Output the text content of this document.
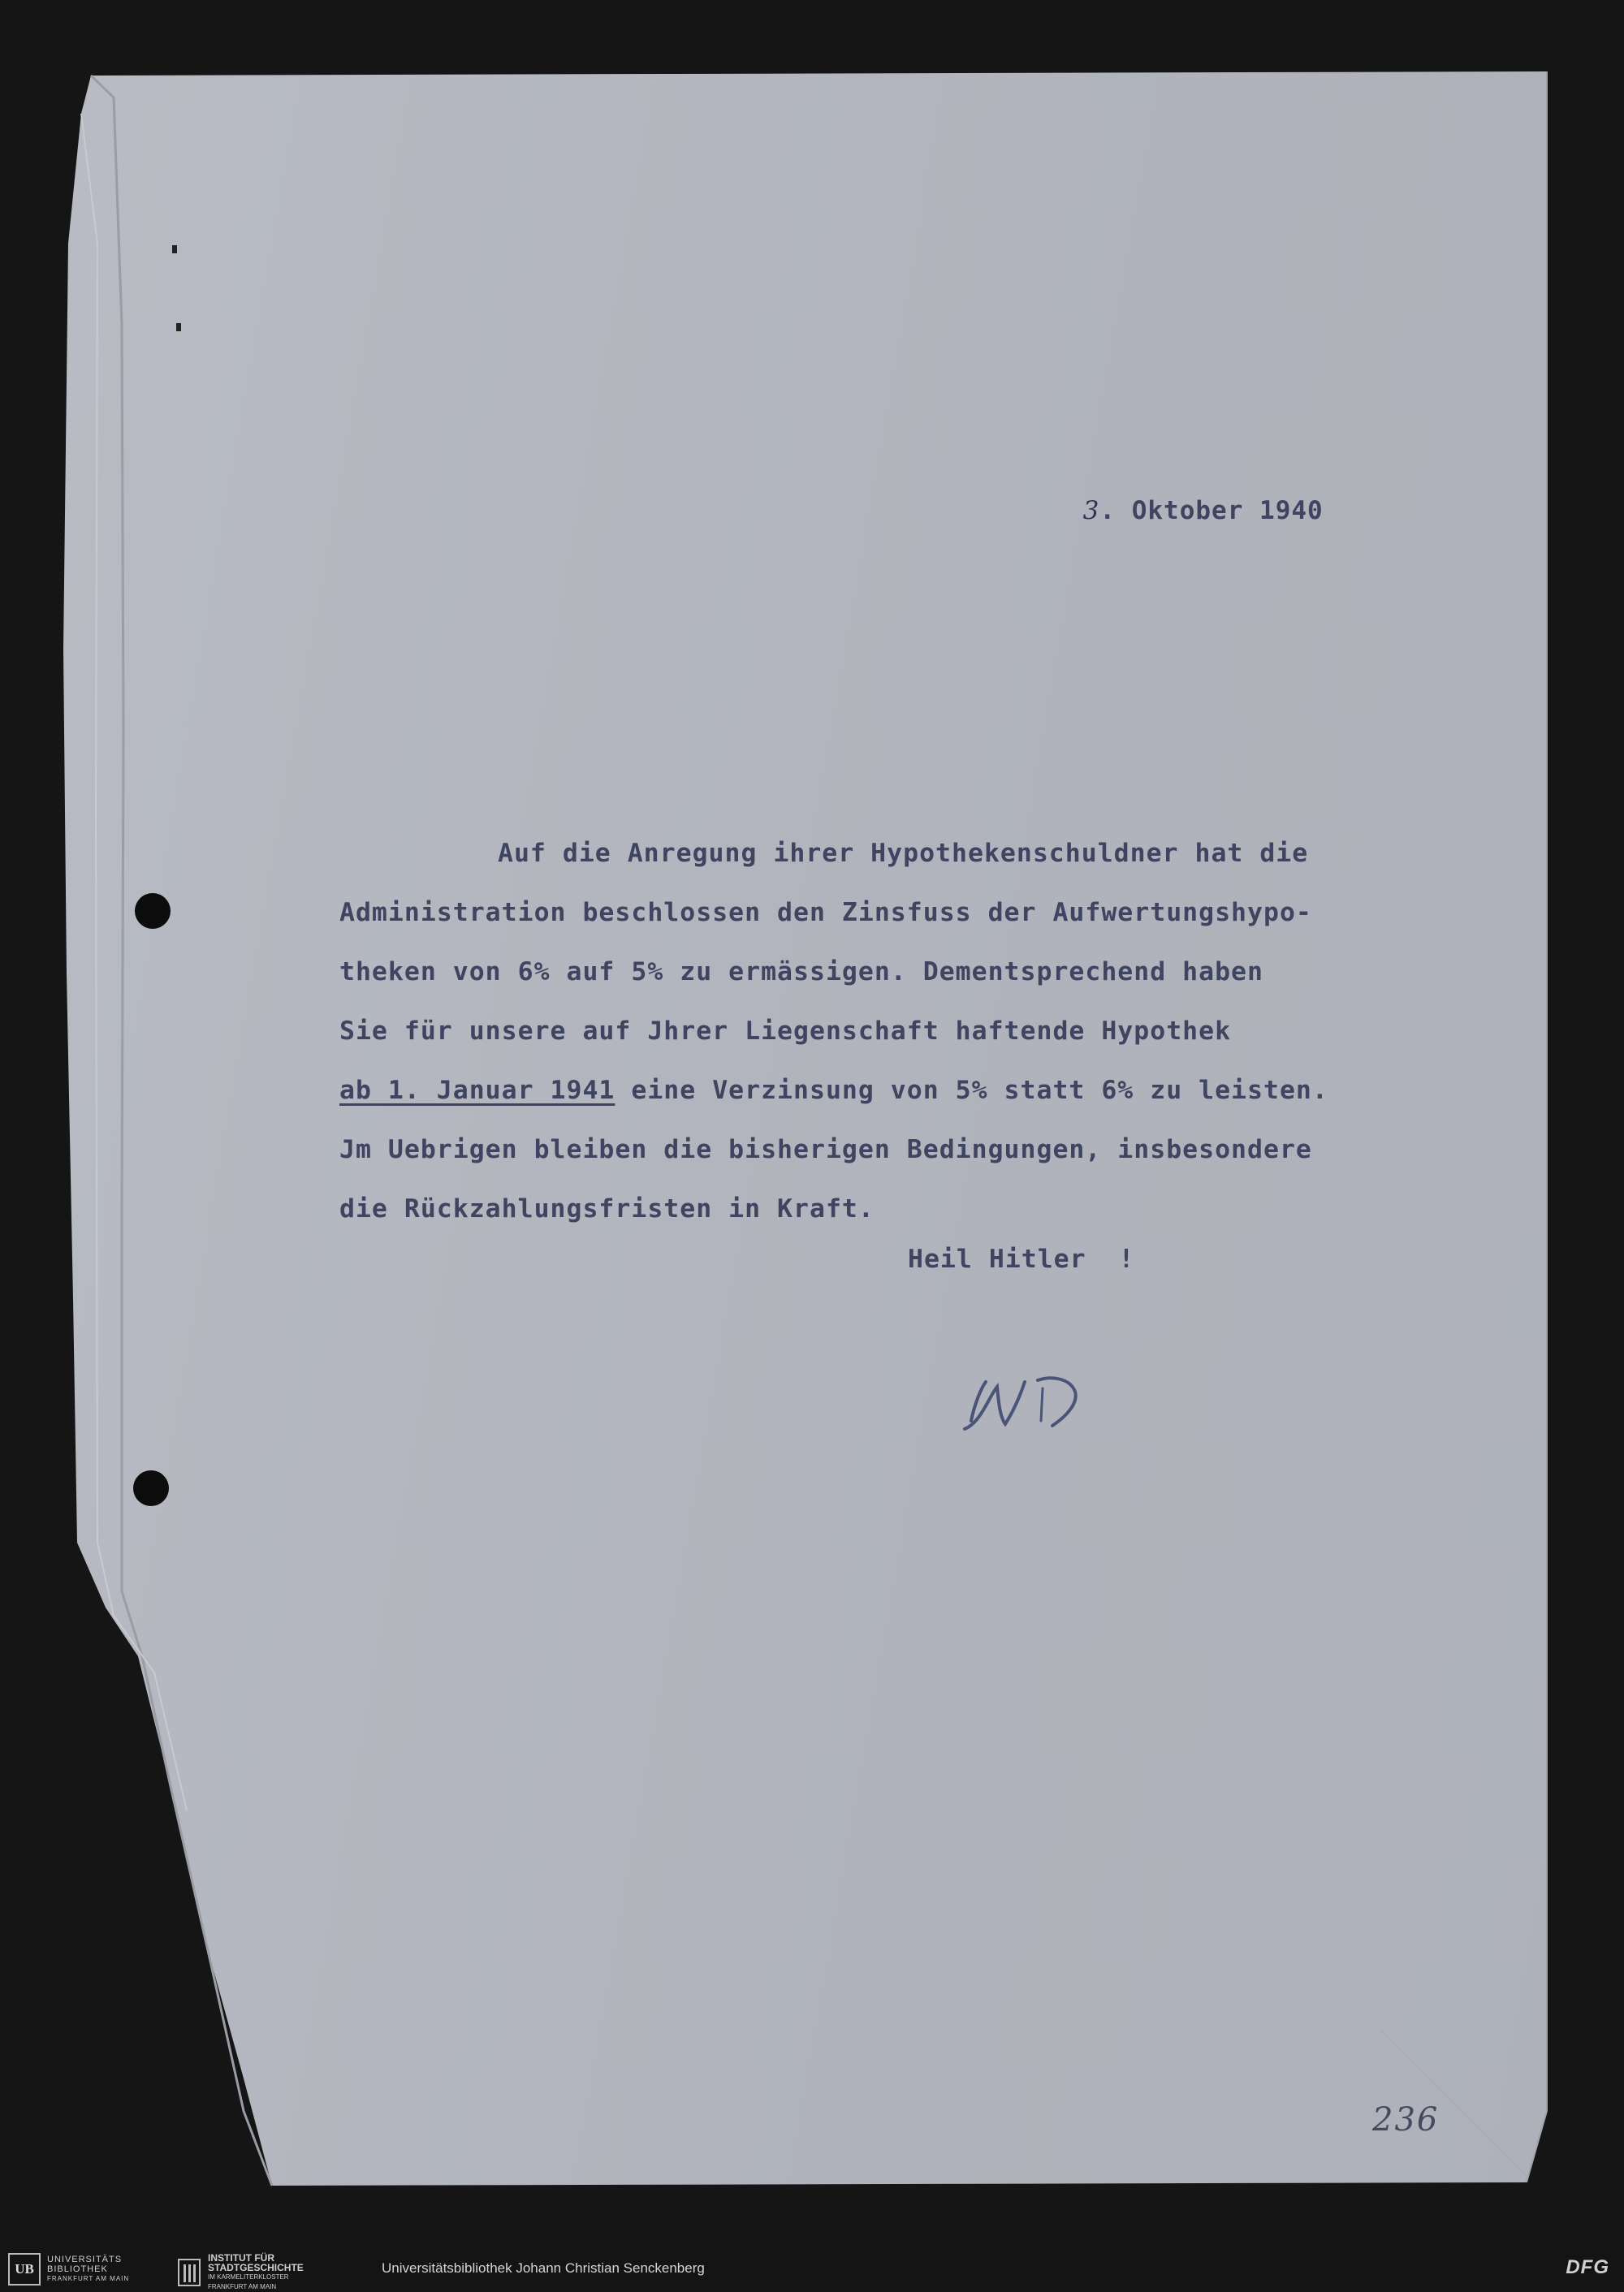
3. Oktober 1940

Auf die Anregung ihrer Hypothekenschuldner hat die
Administration beschlossen den Zinsfuss der Aufwertungshypo-
theken von 6% auf 5% zu ermässigen. Dementsprechend haben
Sie für unsere auf Jhrer Liegenschaft haftende Hypothek
ab 1. Januar 1941 eine Verzinsung von 5% statt 6% zu leisten.
Jm Uebrigen bleiben die bisherigen Bedingungen, insbesondere
die Rückzahlungsfristen in Kraft.
Heil Hitler  !
236
UB
UNIVERSITÄTS
BIBLIOTHEK
FRANKFURT AM MAIN
INSTITUT FÜR
STADTGESCHICHTE
IM KARMELITERKLOSTER
FRANKFURT AM MAIN
Universitätsbibliothek Johann Christian Senckenberg	DFG
